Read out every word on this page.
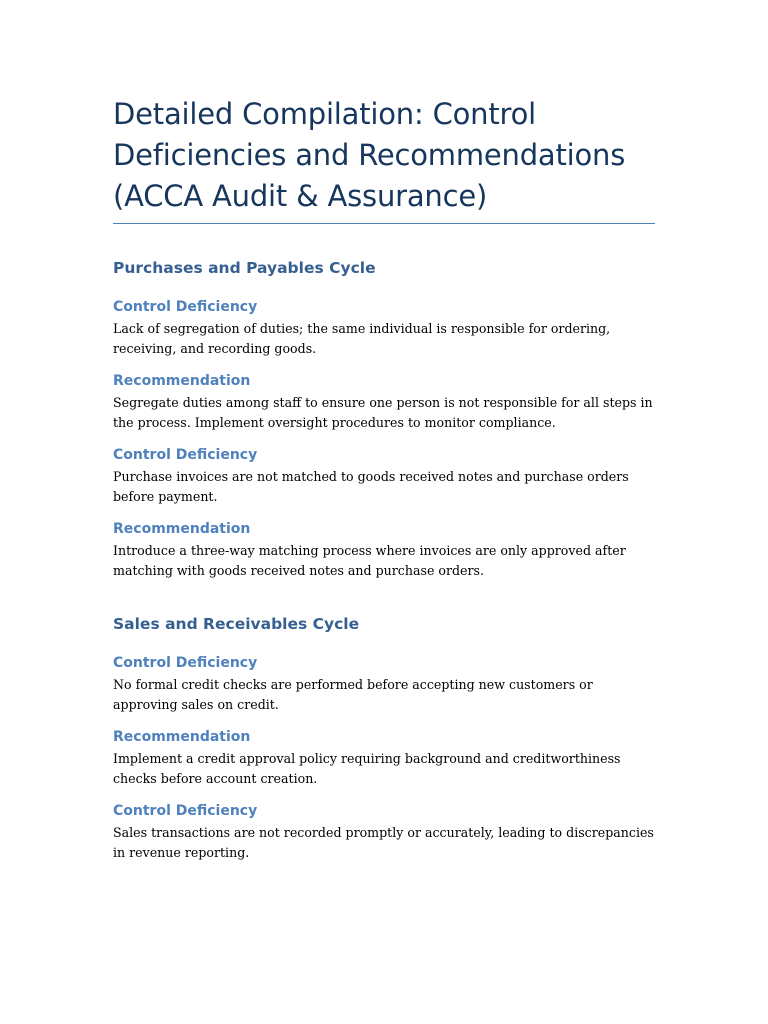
Detailed Compilation: Control Deficiencies and Recommendations (ACCA Audit & Assurance)
Purchases and Payables Cycle
Control Deficiency

Lack of segregation of duties; the same individual is responsible for ordering, receiving, and recording goods.

Recommendation

Segregate duties among staff to ensure one person is not responsible for all steps in the process. Implement oversight procedures to monitor compliance.

Control Deficiency

Purchase invoices are not matched to goods received notes and purchase orders before payment.

Recommendation

Introduce a three-way matching process where invoices are only approved after matching with goods received notes and purchase orders.

Sales and Receivables Cycle
Control Deficiency

No formal credit checks are performed before accepting new customers or approving sales on credit.

Recommendation

Implement a credit approval policy requiring background and creditworthiness checks before account creation.

Control Deficiency

Sales transactions are not recorded promptly or accurately, leading to discrepancies in revenue reporting.
